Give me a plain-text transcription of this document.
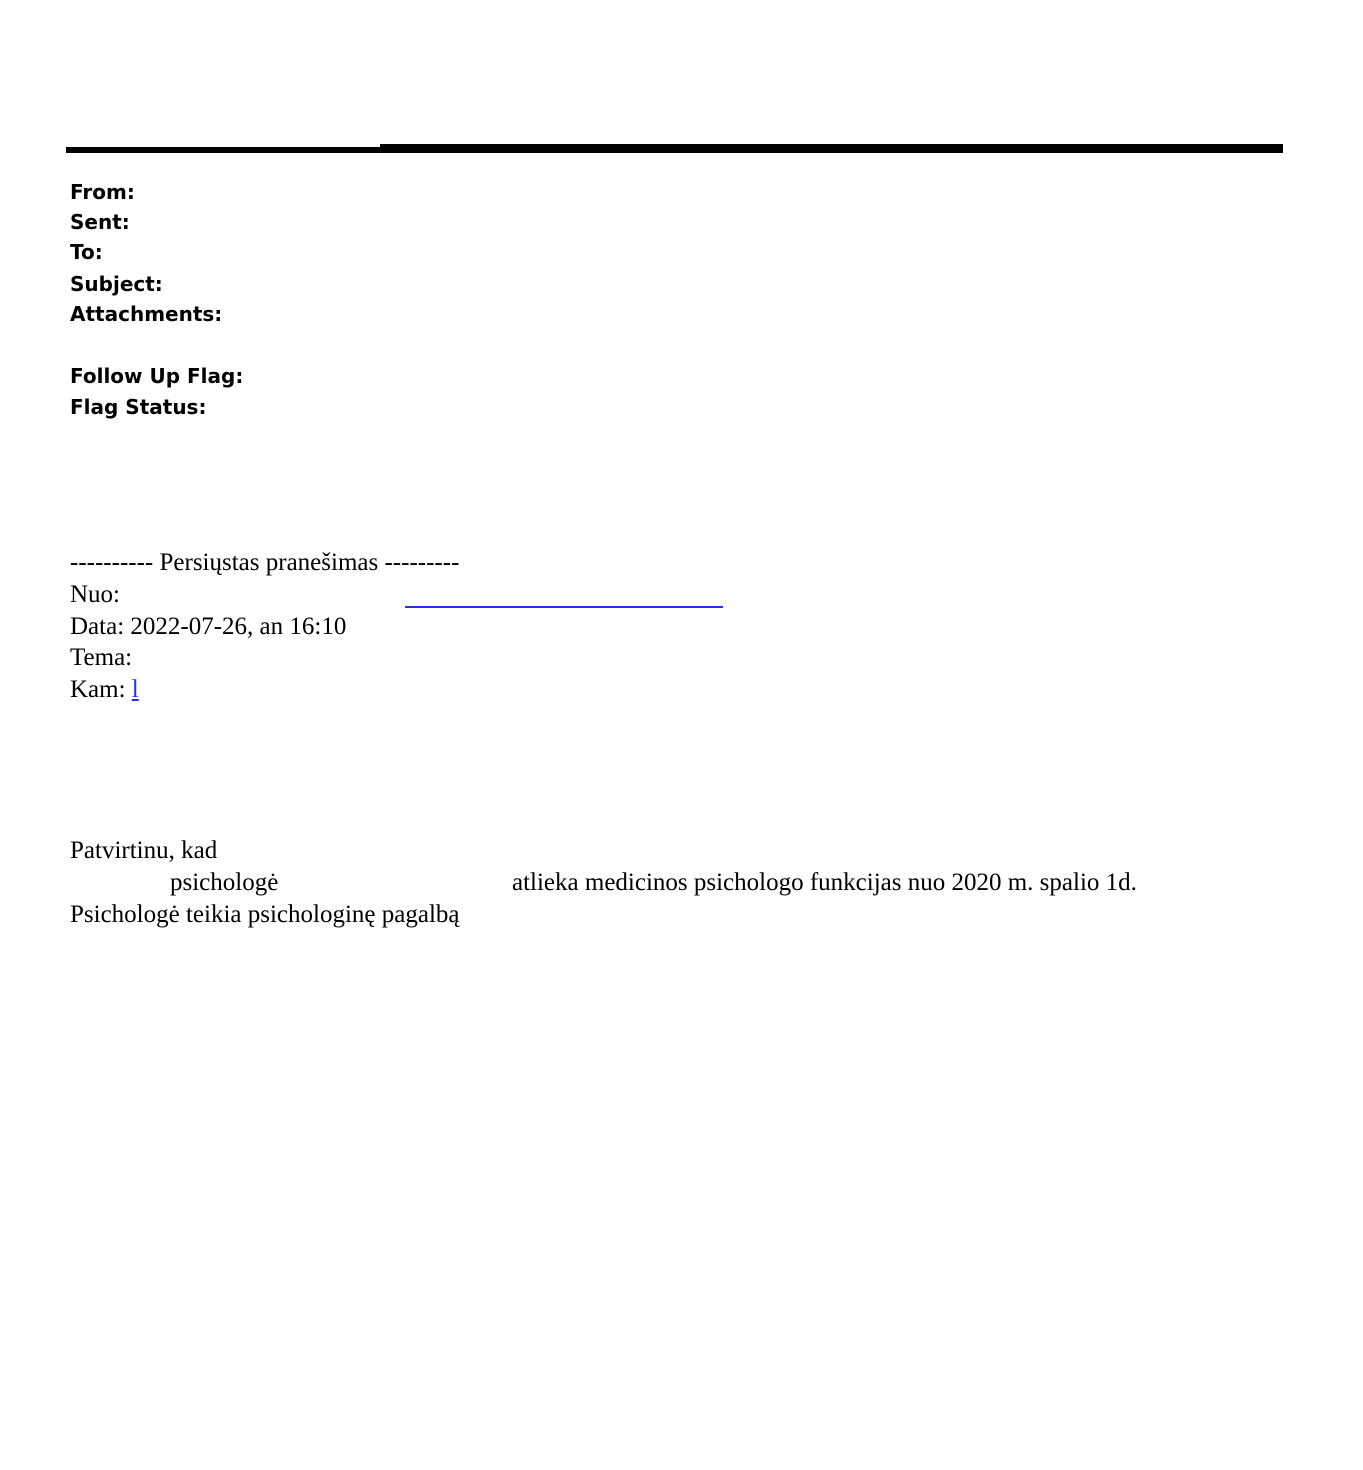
From:
Sent:
To:
Subject:
Attachments:
Follow Up Flag:
Flag Status:
---------- Persiųstas pranešimas ---------
Nuo:
Data: 2022-07-26, an 16:10
Tema:
Kam: l
Patvirtinu, kad
psichologė	atlieka medicinos psichologo funkcijas nuo 2020 m. spalio 1d.
Psichologė teikia psichologinę pagalbą
